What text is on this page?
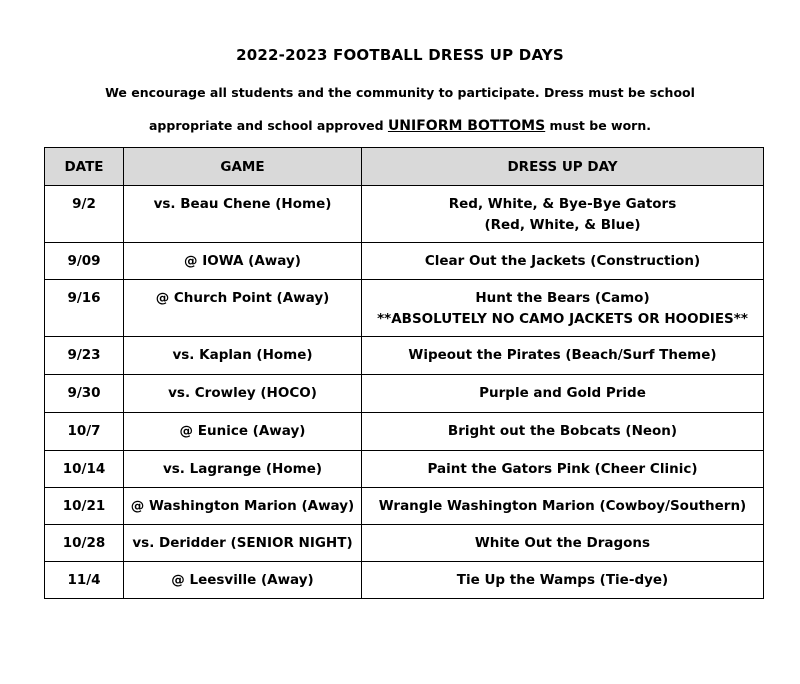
2022-2023 FOOTBALL DRESS UP DAYS
We encourage all students and the community to participate. Dress must be school
appropriate and school approved UNIFORM BOTTOMS must be worn.
DATE	GAME	DRESS UP DAY
9/2	vs. Beau Chene (Home)	Red, White, & Bye-Bye Gators
(Red, White, & Blue)

9/09	@ IOWA (Away)	Clear Out the Jackets (Construction)
9/16	@ Church Point (Away)	Hunt the Bears (Camo)
**ABSOLUTELY NO CAMO JACKETS OR HOODIES**

9/23	vs. Kaplan (Home)	Wipeout the Pirates (Beach/Surf Theme)
9/30	vs. Crowley (HOCO)	Purple and Gold Pride
10/7	@ Eunice (Away)	Bright out the Bobcats (Neon)
10/14	vs. Lagrange (Home)	Paint the Gators Pink (Cheer Clinic)
10/21	@ Washington Marion (Away)	Wrangle Washington Marion (Cowboy/Southern)
10/28	vs. Deridder (SENIOR NIGHT)	White Out the Dragons
11/4	@ Leesville (Away)	Tie Up the Wamps (Tie-dye)
